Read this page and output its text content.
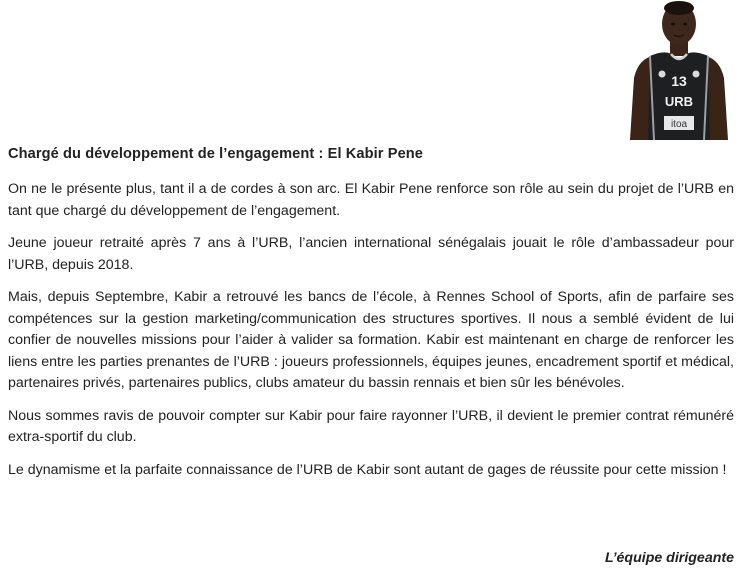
13
URB
itoa
Chargé du développement de l’engagement : El Kabir Pene

On ne le présente plus, tant il a de cordes à son arc. El Kabir Pene renforce son rôle au sein du projet de l’URB en tant que chargé du développement de l’engagement.

Jeune joueur retraité après 7 ans à l’URB, l’ancien international sénégalais jouait le rôle d’ambassadeur pour l’URB, depuis 2018.

Mais, depuis Septembre, Kabir a retrouvé les bancs de l’école, à Rennes School of Sports, afin de parfaire ses compétences sur la gestion marketing/communication des structures sportives. Il nous a semblé évident de lui confier de nouvelles missions pour l’aider à valider sa formation. Kabir est maintenant en charge de renforcer les liens entre les parties prenantes de l’URB : joueurs professionnels, équipes jeunes, encadrement sportif et médical, partenaires privés, partenaires publics, clubs amateur du bassin rennais et bien sûr les bénévoles.

Nous sommes ravis de pouvoir compter sur Kabir pour faire rayonner l’URB, il devient le premier contrat rémunéré extra-sportif du club.

Le dynamisme et la parfaite connaissance de l’URB de Kabir sont autant de gages de réussite pour cette mission !

L’équipe dirigeante
